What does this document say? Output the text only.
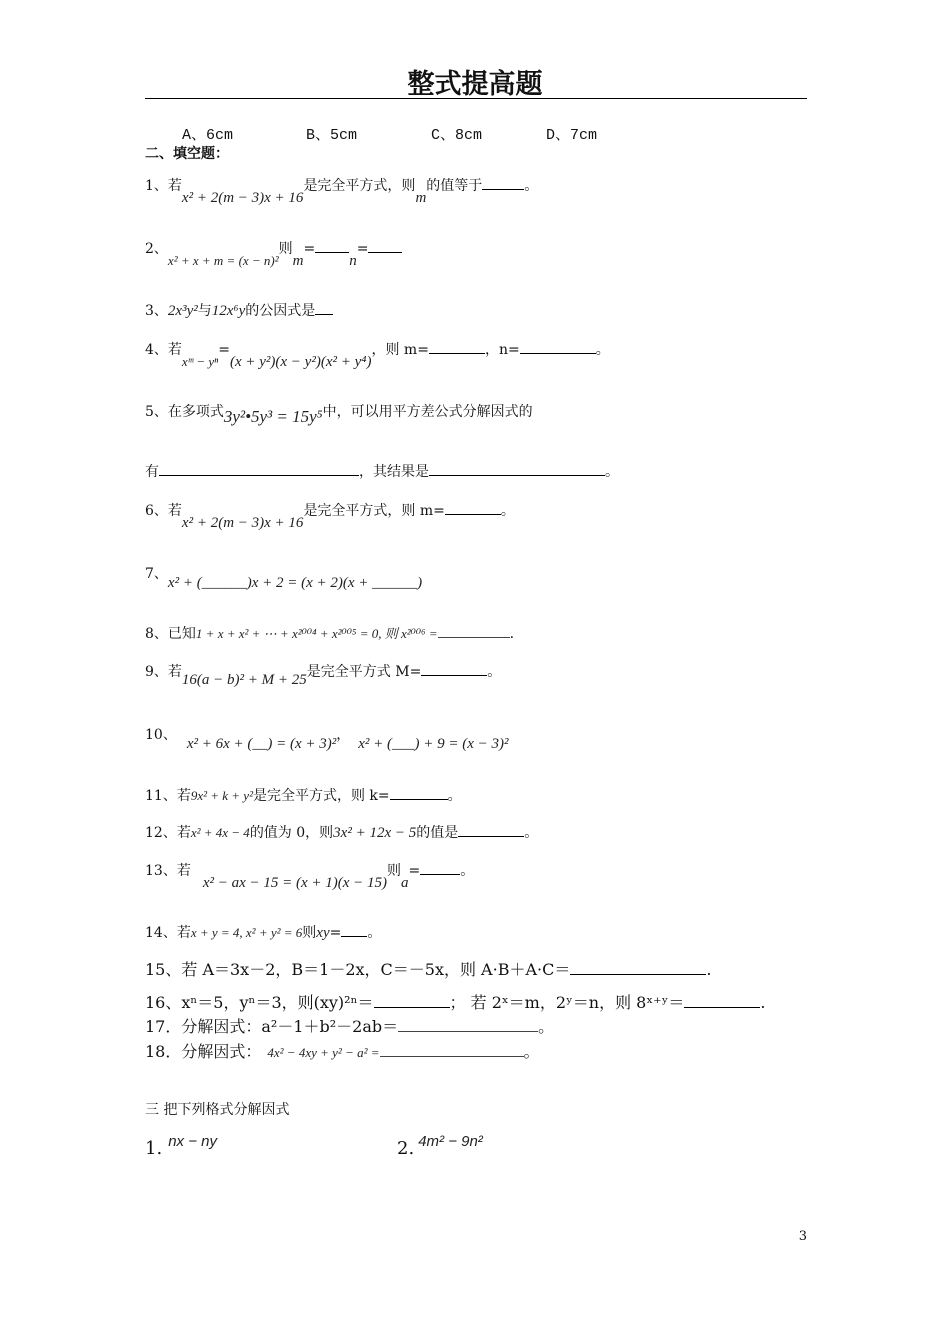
整式提高题
A、6cm	B、5cm	C、8cm	D、7cm
二、填空题：
1、若x² + 2(m − 3)x + 16是完全平方式，则m的值等于	。
2、x² + x + m = (x − n)²则m=n=
3、2x³y²与12x⁶y的公因式是
4、若xᵐ − yⁿ=(x + y²)(x − y²)(x² + y⁴)，则 m=	，n=	。
5、在多项式3y²•5y³ = 15y⁵中，可以用平方差公式分解因式的
有	，其结果是	。
6、若x² + 2(m − 3)x + 16是完全平方式，则 m=	。
7、x² + (______)x + 2 = (x + 2)(x + ______)
8、已知1 + x + x² + ⋯ + x²⁰⁰⁴ + x²⁰⁰⁵ = 0, 则 x²⁰⁰⁶ =	.
9、若16(a − b)² + M + 25是完全平方式 M=	。
10、x² + 6x + (__) = (x + 3)²，x² + (___) + 9 = (x − 3)²
11、若9x² + k + y²是完全平方式，则 k=	。
12、若x² + 4x − 4的值为 0，则3x² + 12x − 5的值是	。
13、若x² − ax − 15 = (x + 1)(x − 15)则a=	。
14、若x + y = 4, x² + y² = 6则xy= 。
15、若 A＝3x－2，B＝1－2x，C＝－5x，则 A·B＋A·C＝	.
16、xⁿ＝5，yⁿ＝3，则(xy)²ⁿ＝	； 若 2ˣ＝m，2ʸ＝n，则 8ˣ⁺ʸ＝	.
17．分解因式：a²－1＋b²－2ab＝	。
18．分解因式： 4x² − 4xy + y² − a² =	。
三 把下列格式分解因式
1. nx − ny	2. 4m² − 9n²
3
